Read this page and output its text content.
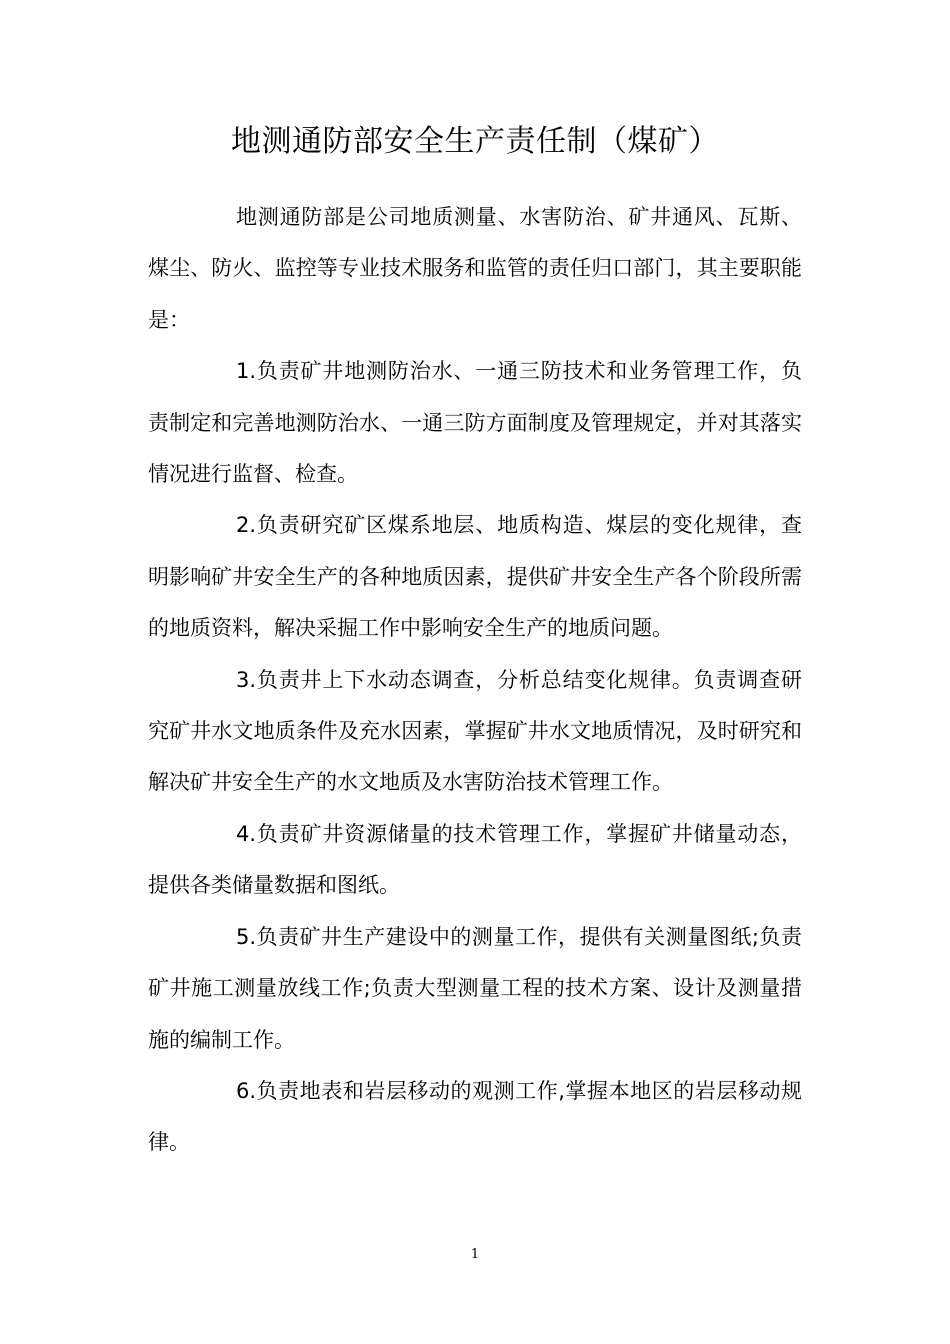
地测通防部安全生产责任制（煤矿）

地测通防部是公司地质测量、水害防治、矿井通风、瓦斯、煤尘、防火、监控等专业技术服务和监管的责任归口部门，其主要职能是：

1.负责矿井地测防治水、一通三防技术和业务管理工作，负责制定和完善地测防治水、一通三防方面制度及管理规定，并对其落实情况进行监督、检查。

2.负责研究矿区煤系地层、地质构造、煤层的变化规律，查明影响矿井安全生产的各种地质因素，提供矿井安全生产各个阶段所需的地质资料，解决采掘工作中影响安全生产的地质问题。

3.负责井上下水动态调查，分析总结变化规律。负责调查研究矿井水文地质条件及充水因素，掌握矿井水文地质情况，及时研究和解决矿井安全生产的水文地质及水害防治技术管理工作。

4.负责矿井资源储量的技术管理工作，掌握矿井储量动态，提供各类储量数据和图纸。

5.负责矿井生产建设中的测量工作，提供有关测量图纸;负责矿井施工测量放线工作;负责大型测量工程的技术方案、设计及测量措施的编制工作。

6.负责地表和岩层移动的观测工作,掌握本地区的岩层移动规律。

1
